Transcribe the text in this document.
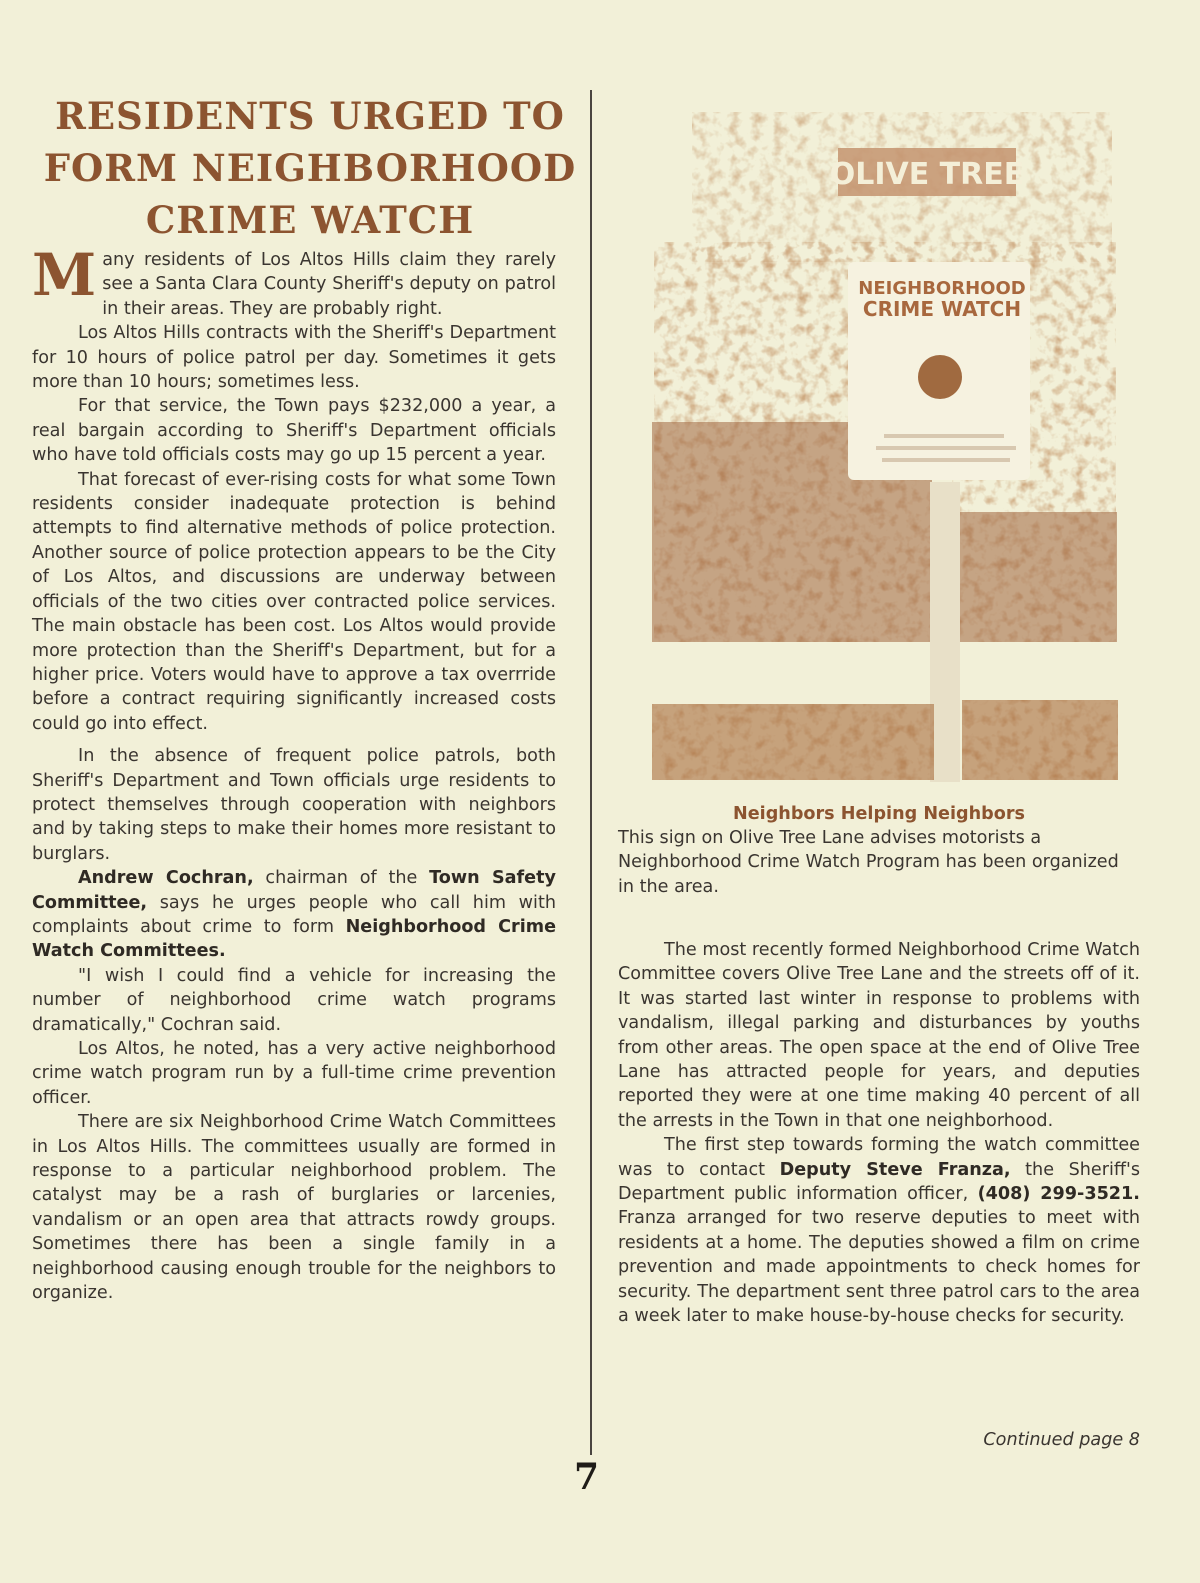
RESIDENTS URGED TO
FORM NEIGHBORHOOD
CRIME WATCH

Many residents of Los Altos Hills claim they rarely see a Santa Clara County Sheriff's deputy on patrol in their areas. They are probably right.

Los Altos Hills contracts with the Sheriff's Department for 10 hours of police patrol per day. Sometimes it gets more than 10 hours; sometimes less.

For that service, the Town pays $232,000 a year, a real bargain according to Sheriff's Department officials who have told officials costs may go up 15 percent a year.

That forecast of ever-rising costs for what some Town residents consider inadequate protection is behind attempts to find alternative methods of police protection. Another source of police protection appears to be the City of Los Altos, and discussions are underway between officials of the two cities over contracted police services. The main obstacle has been cost. Los Altos would provide more protection than the Sheriff's Department, but for a higher price. Voters would have to approve a tax overrride before a contract requiring significantly increased costs could go into effect.

In the absence of frequent police patrols, both Sheriff's Department and Town officials urge residents to protect themselves through cooperation with neighbors and by taking steps to make their homes more resistant to burglars.

Andrew Cochran, chairman of the Town Safety Committee, says he urges people who call him with complaints about crime to form Neighborhood Crime Watch Committees.

"I wish I could find a vehicle for increasing the number of neighborhood crime watch programs dramatically," Cochran said.

Los Altos, he noted, has a very active neighborhood crime watch program run by a full-time crime prevention officer.

There are six Neighborhood Crime Watch Committees in Los Altos Hills. The committees usually are formed in response to a particular neighborhood problem. The catalyst may be a rash of burglaries or larcenies, vandalism or an open area that attracts rowdy groups. Sometimes there has been a single family in a neighborhood causing enough trouble for the neighbors to organize.

OLIVE TREE
NEIGHBORHOOD
CRIME WATCH
Neighbors Helping Neighbors
This sign on Olive Tree Lane advises motorists a Neighborhood Crime Watch Program has been organized in the area.

The most recently formed Neighborhood Crime Watch Committee covers Olive Tree Lane and the streets off of it. It was started last winter in response to problems with vandalism, illegal parking and disturbances by youths from other areas. The open space at the end of Olive Tree Lane has attracted people for years, and deputies reported they were at one time making 40 percent of all the arrests in the Town in that one neighborhood.

The first step towards forming the watch committee was to contact Deputy Steve Franza, the Sheriff's Department public information officer, (408) 299-3521. Franza arranged for two reserve deputies to meet with residents at a home. The deputies showed a film on crime prevention and made appointments to check homes for security. The department sent three patrol cars to the area a week later to make house-by-house checks for security.

Continued page 8
7
